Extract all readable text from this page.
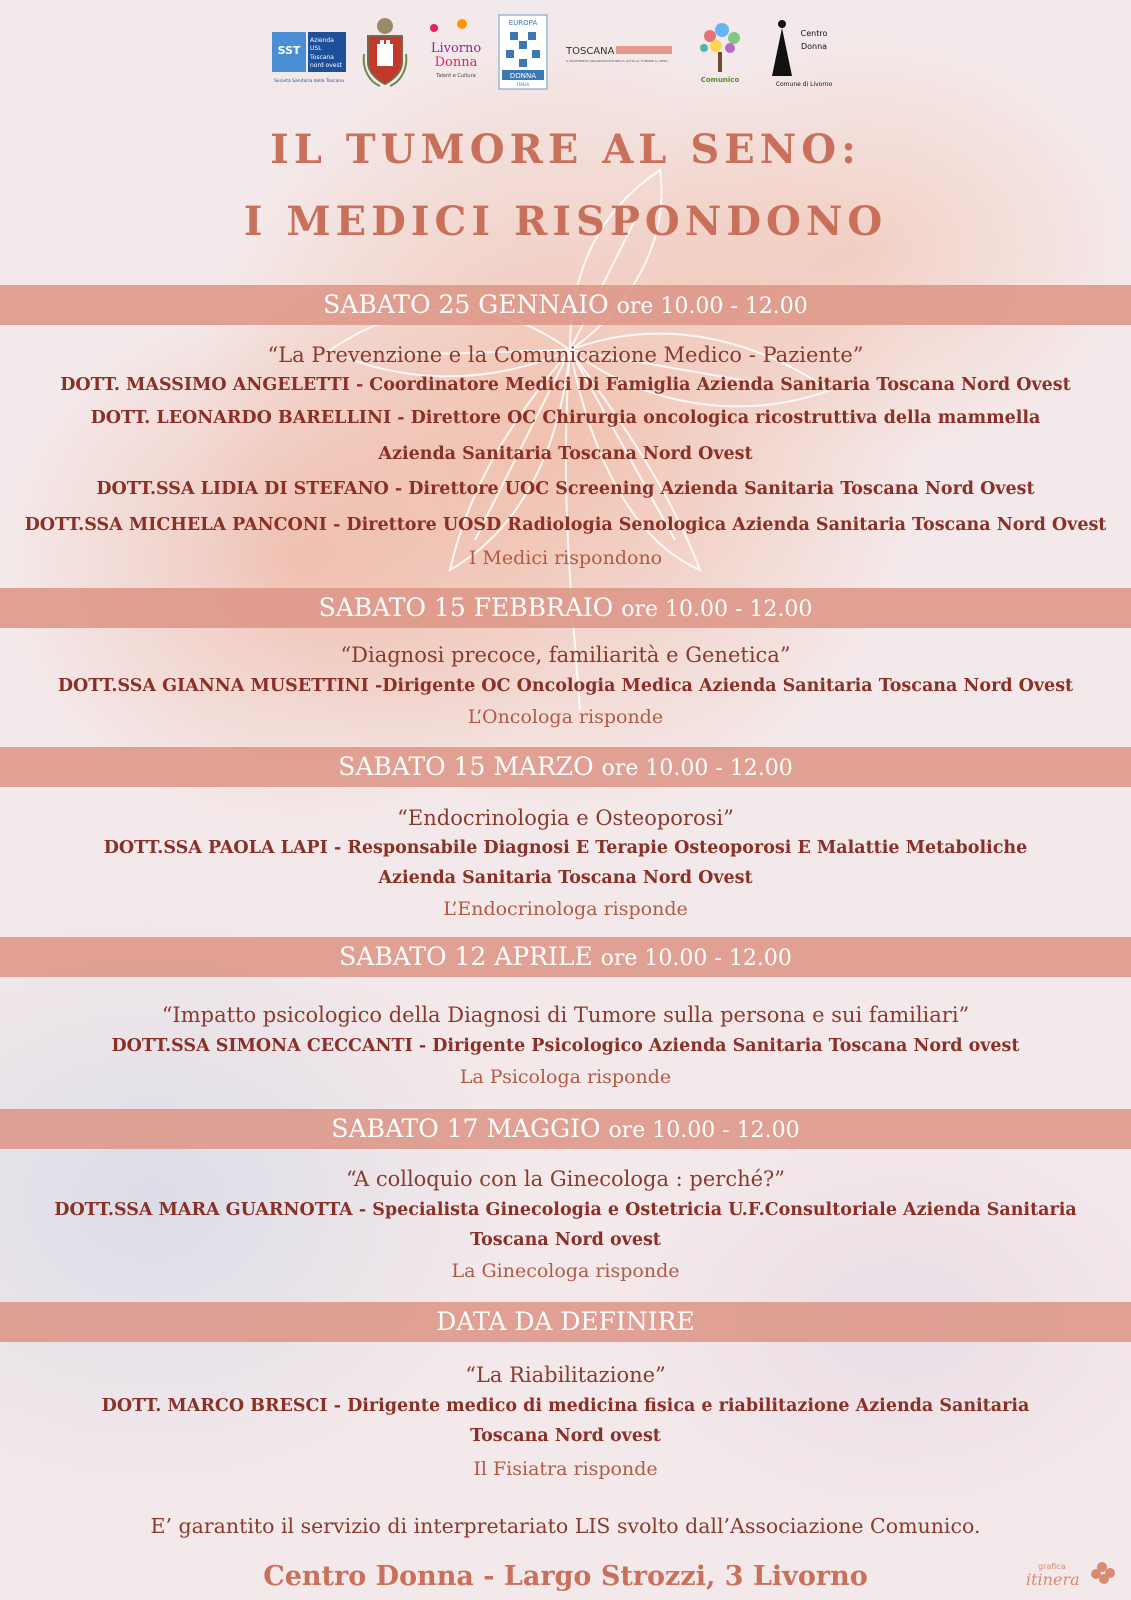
SST
Azienda
USL
Toscana
nord ovest
Società Sanitaria della Toscana
Livorno
Donna
Talent e Cultura
EUROPA
DONNA
ITALIA
TOSCANA
IL MOVIMENTO ORGANIZZATIVO NELLA LOTTA AL TUMORE AL SENO
Comunico
Centro
Donna
Comune di Livorno
IL TUMORE AL SENO:
I MEDICI RISPONDONO
SABATO 25 GENNAIO ore 10.00 - 12.00
“La Prevenzione e la Comunicazione Medico - Paziente”
DOTT. MASSIMO ANGELETTI - Coordinatore Medici Di Famiglia Azienda Sanitaria Toscana Nord Ovest
DOTT. LEONARDO BARELLINI - Direttore OC Chirurgia oncologica ricostruttiva della mammella
Azienda Sanitaria Toscana Nord Ovest
DOTT.SSA LIDIA DI STEFANO - Direttore UOC Screening Azienda Sanitaria Toscana Nord Ovest
DOTT.SSA MICHELA PANCONI - Direttore UOSD Radiologia Senologica Azienda Sanitaria Toscana Nord Ovest
I Medici rispondono
SABATO 15 FEBBRAIO ore 10.00 - 12.00
“Diagnosi precoce, familiarità e Genetica”
DOTT.SSA GIANNA MUSETTINI -Dirigente OC Oncologia Medica Azienda Sanitaria Toscana Nord Ovest
L’Oncologa risponde
SABATO 15 MARZO ore 10.00 - 12.00
“Endocrinologia e Osteoporosi”
DOTT.SSA PAOLA LAPI - Responsabile Diagnosi E Terapie Osteoporosi E Malattie Metaboliche
Azienda Sanitaria Toscana Nord Ovest
L’Endocrinologa risponde
SABATO 12 APRILE ore 10.00 - 12.00
“Impatto psicologico della Diagnosi di Tumore sulla persona e sui familiari”
DOTT.SSA SIMONA CECCANTI - Dirigente Psicologico Azienda Sanitaria Toscana Nord ovest
La Psicologa risponde
SABATO 17 MAGGIO ore 10.00 - 12.00
“A colloquio con la Ginecologa : perché?”
DOTT.SSA MARA GUARNOTTA - Specialista Ginecologia e Ostetricia U.F.Consultoriale Azienda Sanitaria
Toscana Nord ovest
La Ginecologa risponde
DATA DA DEFINIRE
“La Riabilitazione”
DOTT. MARCO BRESCI - Dirigente medico di medicina fisica e riabilitazione Azienda Sanitaria
Toscana Nord ovest
Il Fisiatra risponde
E’ garantito il servizio di interpretariato LIS svolto dall’Associazione Comunico.
Centro Donna - Largo Strozzi, 3 Livorno	grafica
itinera
